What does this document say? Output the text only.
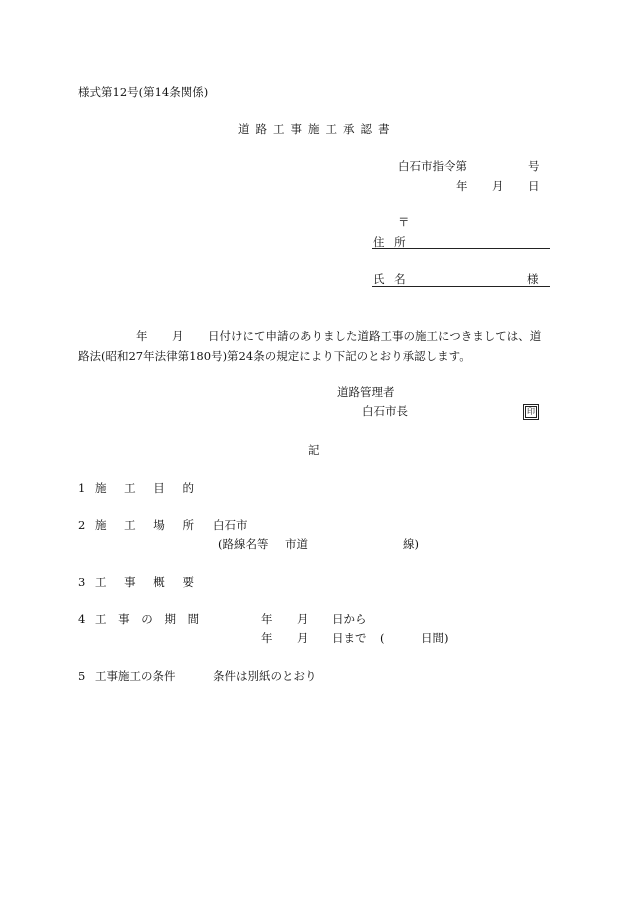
様式第12号(第14条関係)
道路工事施工承認書
白石市指令第	号
年 月 日
〒
住 所
氏 名	様
年 月 日付けにて申請のありました道路工事の施工につきましては、道
路法(昭和27年法律第180号)第24条の規定により下記のとおり承認します。
道路管理者
白石市長	印
記
1 施 工 目 的
2 施 工 場 所 白石市
(路線名等 市道	線)
3 工 事 概 要
4 工 事 の 期 間	年 月 日から
年 月 日まで (	日間)
5 工事施工の条件	条件は別紙のとおり
